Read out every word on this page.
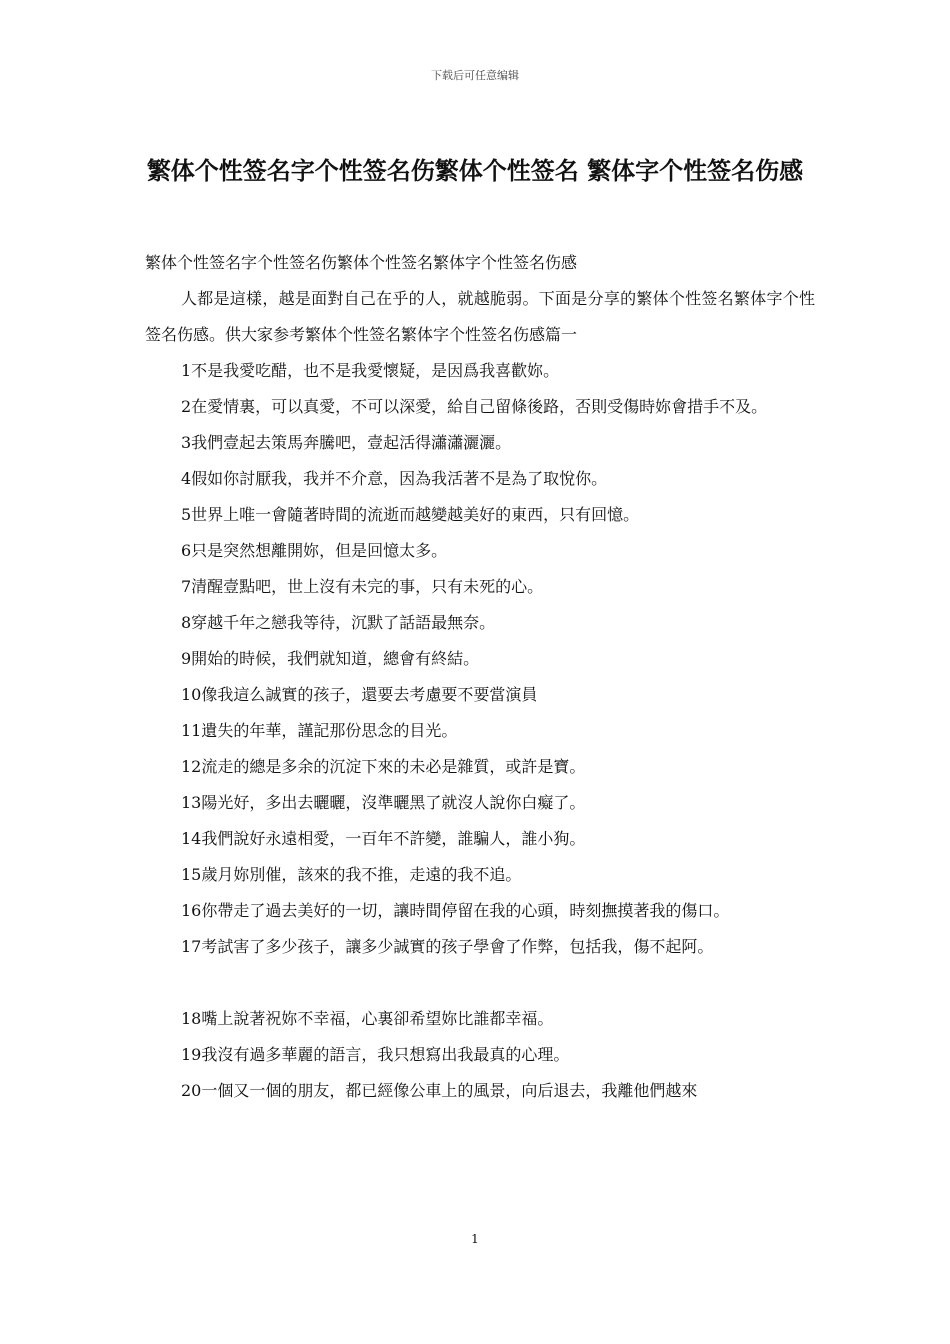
下载后可任意编辑
繁体个性签名字个性签名伤繁体个性签名 繁体字个性签名伤感

繁体个性签名字个性签名伤繁体个性签名繁体字个性签名伤感

人都是這樣，越是面對自己在乎的人，就越脆弱。下面是分享的繁体个性签名繁体字个性签名伤感。供大家参考繁体个性签名繁体字个性签名伤感篇一

1不是我愛吃醋，也不是我愛懷疑，是因爲我喜歡妳。

2在愛情裏，可以真愛，不可以深愛，給自己留條後路，否則受傷時妳會措手不及。

3我們壹起去策馬奔騰吧，壹起活得瀟瀟灑灑。

4假如你討厭我，我并不介意，因為我活著不是為了取悅你。

5世界上唯一會隨著時間的流逝而越變越美好的東西，只有回憶。

6只是突然想離開妳，但是回憶太多。

7清醒壹點吧，世上沒有未完的事，只有未死的心。

8穿越千年之戀我等待，沉默了話語最無奈。

9開始的時候，我們就知道，總會有終結。

10像我這么誠實的孩子，還要去考慮要不要當演員

11遺失的年華，謹記那份思念的目光。

12流走的總是多余的沉淀下來的未必是雜質，或許是寶。

13陽光好，多出去曬曬，沒準曬黑了就沒人說你白癡了。

14我們說好永遠相愛，一百年不許變，誰騙人，誰小狗。

15歲月妳別催，該來的我不推，走遠的我不追。

16你帶走了過去美好的一切，讓時間停留在我的心頭，時刻撫摸著我的傷口。

17考試害了多少孩子，讓多少誠實的孩子學會了作弊，包括我，傷不起阿。

18嘴上說著祝妳不幸福，心裏卻希望妳比誰都幸福。

19我沒有過多華麗的語言，我只想寫出我最真的心理。

20一個又一個的朋友，都已經像公車上的風景，向后退去，我離他們越來

1
